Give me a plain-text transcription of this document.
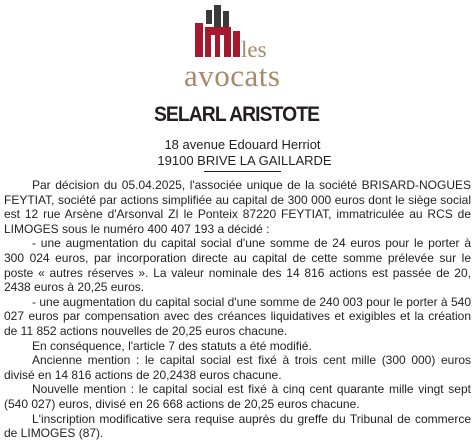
les
avocats
SELARL ARISTOTE
18 avenue Edouard Herriot
19100 BRIVE LA GAILLARDE

Par décision du 05.04.2025, l'associée unique de la société BRISARD-NOGUES FEYTIAT, société par actions simplifiée au capital de 300 000 euros dont le siège social est 12 rue Arsène d'Arsonval ZI le Ponteix 87220 FEYTIAT, immatriculée au RCS de LIMOGES sous le numéro 400 407 193 a décidé :

- une augmentation du capital social d'une somme de 24 euros pour le porter à 300 024 euros, par incorporation directe au capital de cette somme prélevée sur le poste « autres réserves ». La valeur nominale des 14 816 actions est passée de 20, 2438 euros à 20,25 euros.

- une augmentation du capital social d'une somme de 240 003 pour le porter à 540 027 euros par compensation avec des créances liquidatives et exigibles et la création de 11 852 actions nouvelles de 20,25 euros chacune.

En conséquence, l'article 7 des statuts a été modifié.

Ancienne mention : le capital social est fixé à trois cent mille (300 000) euros divisé en 14 816 actions de 20,2438 euros chacune.

Nouvelle mention : le capital social est fixé à cinq cent quarante mille vingt sept (540 027) euros, divisé en 26 668 actions de 20,25 euros chacune.

L'inscription modificative sera requise auprès du greffe du Tribunal de commerce de LIMOGES (87).
